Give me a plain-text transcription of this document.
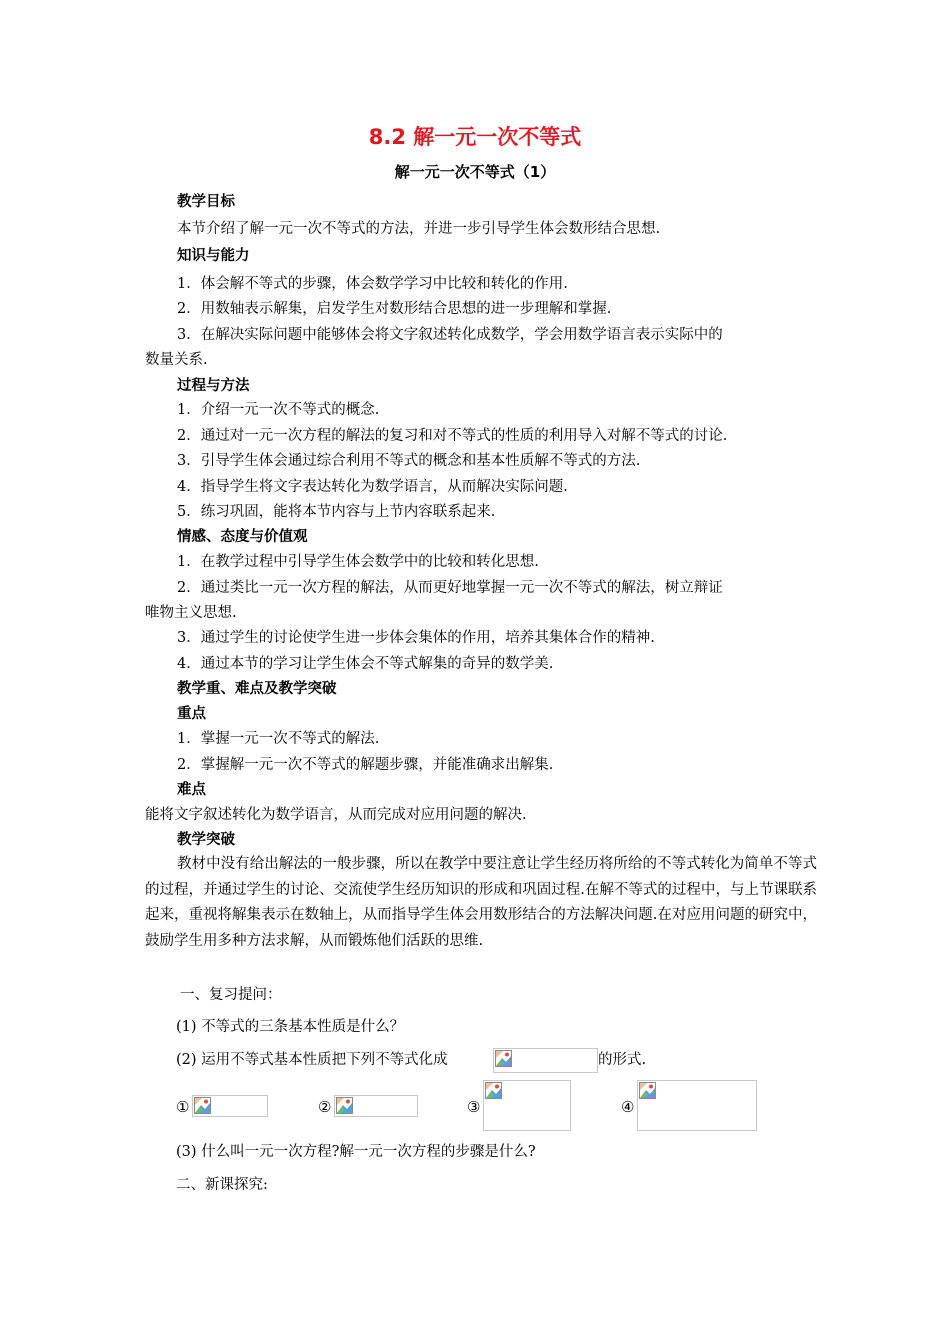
8.2 解一元一次不等式
解一元一次不等式（1）
教学目标
本节介绍了解一元一次不等式的方法，并进一步引导学生体会数形结合思想.
知识与能力
1．体会解不等式的步骤，体会数学学习中比较和转化的作用.
2．用数轴表示解集，启发学生对数形结合思想的进一步理解和掌握.
3．在解决实际问题中能够体会将文字叙述转化成数学，学会用数学语言表示实际中的
数量关系.
过程与方法
1．介绍一元一次不等式的概念.
2．通过对一元一次方程的解法的复习和对不等式的性质的利用导入对解不等式的讨论.
3．引导学生体会通过综合利用不等式的概念和基本性质解不等式的方法.
4．指导学生将文字表达转化为数学语言，从而解决实际问题.
5．练习巩固，能将本节内容与上节内容联系起来.
情感、态度与价值观
1．在教学过程中引导学生体会数学中的比较和转化思想.
2．通过类比一元一次方程的解法，从而更好地掌握一元一次不等式的解法，树立辩证
唯物主义思想.
3．通过学生的讨论使学生进一步体会集体的作用，培养其集体合作的精神.
4．通过本节的学习让学生体会不等式解集的奇异的数学美.
教学重、难点及教学突破
重点
1．掌握一元一次不等式的解法.
2．掌握解一元一次不等式的解题步骤，并能准确求出解集.
难点
能将文字叙述转化为数学语言，从而完成对应用问题的解决.
教学突破
教材中没有给出解法的一般步骤，所以在教学中要注意让学生经历将所给的不等式转化为简单不等式的过程，并通过学生的讨论、交流使学生经历知识的形成和巩固过程.在解不等式的过程中，与上节课联系起来，重视将解集表示在数轴上，从而指导学生体会用数形结合的方法解决问题.在对应用问题的研究中，鼓励学生用多种方法求解，从而锻炼他们活跃的思维.
一、复习提问：
(1) 不等式的三条基本性质是什么？
(2) 运用不等式基本性质把下列不等式化成	的形式.
①	②	③	④
(3) 什么叫一元一次方程?解一元一次方程的步骤是什么?
二、新课探究:
